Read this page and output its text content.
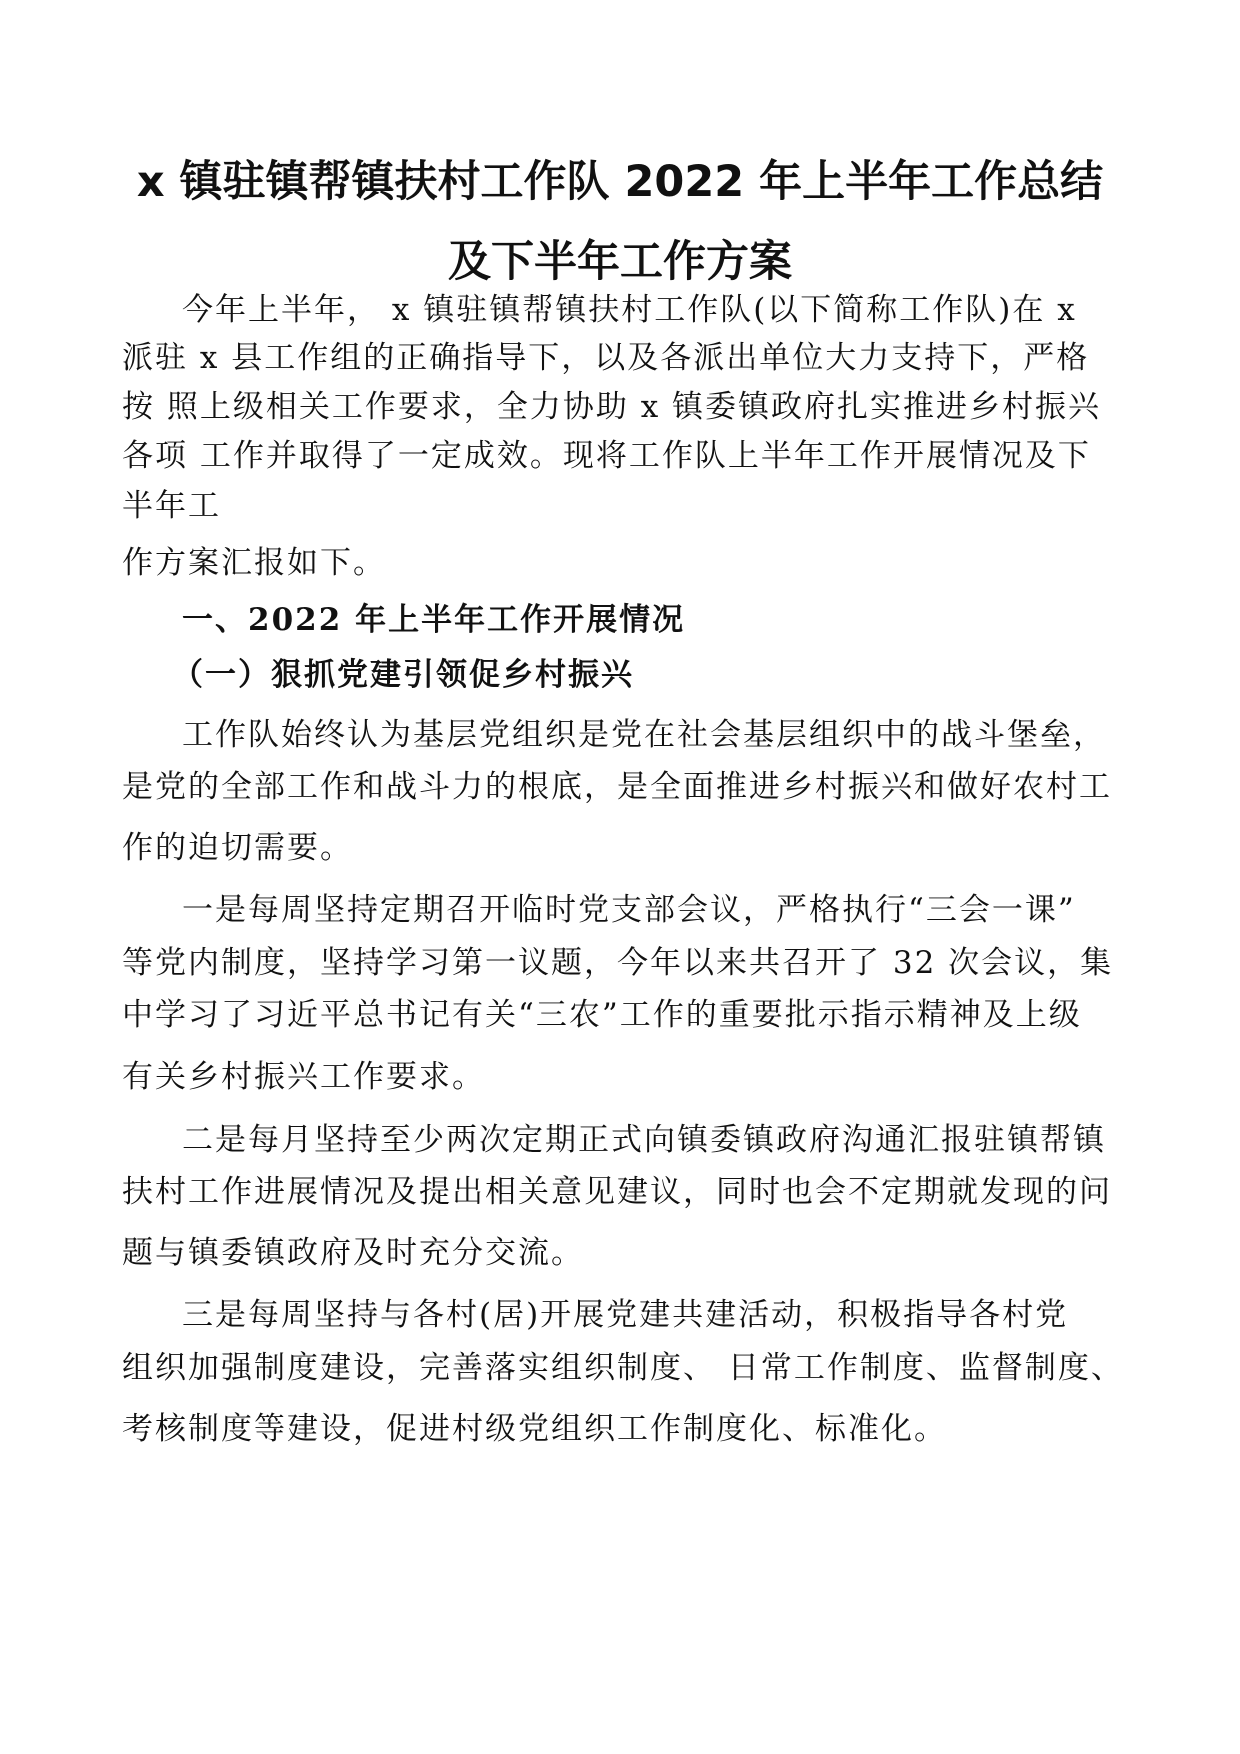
x 镇驻镇帮镇扶村工作队 2022 年上半年工作总结
及下半年工作方案
今年上半年， x 镇驻镇帮镇扶村工作队(以下简称工作队)在 x
派驻 x 县工作组的正确指导下，以及各派出单位大力支持下，严格
按 照上级相关工作要求，全力协助 x 镇委镇政府扎实推进乡村振兴
各项 工作并取得了一定成效。现将工作队上半年工作开展情况及下
半年工
作方案汇报如下。
一、2022 年上半年工作开展情况
（一）狠抓党建引领促乡村振兴
工作队始终认为基层党组织是党在社会基层组织中的战斗堡垒，
是党的全部工作和战斗力的根底，是全面推进乡村振兴和做好农村工
作的迫切需要。
一是每周坚持定期召开临时党支部会议，严格执行“三会一课”
等党内制度，坚持学习第一议题，今年以来共召开了 32 次会议，集
中学习了习近平总书记有关“三农”工作的重要批示指示精神及上级
有关乡村振兴工作要求。
二是每月坚持至少两次定期正式向镇委镇政府沟通汇报驻镇帮镇
扶村工作进展情况及提出相关意见建议，同时也会不定期就发现的问
题与镇委镇政府及时充分交流。
三是每周坚持与各村(居)开展党建共建活动，积极指导各村党
组织加强制度建设，完善落实组织制度、 日常工作制度、监督制度、
考核制度等建设，促进村级党组织工作制度化、标准化。
